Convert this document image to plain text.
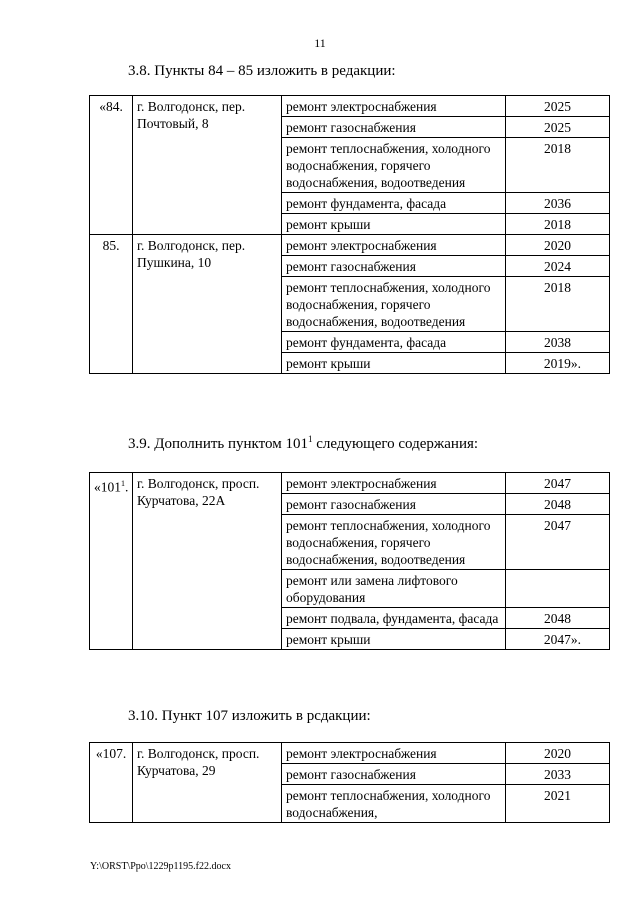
11
3.8. Пункты 84 – 85 изложить в редакции:
«84.	г. Волгодонск, пер. Почтовый, 8	ремонт электроснабжения	2025
		ремонт газоснабжения	2025
		ремонт теплоснабжения, холодного водоснабжения, горячего водоснабжения, водоотведения	2018
		ремонт фундамента, фасада	2036
		ремонт крыши	2018
85.	г. Волгодонск, пер. Пушкина, 10	ремонт электроснабжения	2020
		ремонт газоснабжения	2024
		ремонт теплоснабжения, холодного водоснабжения, горячего водоснабжения, водоотведения	2018
		ремонт фундамента, фасада	2038
		ремонт крыши	2019».
3.9. Дополнить пунктом $101^1$ следующего содержания:
«$101^1$.	г. Волгодонск, просп. Курчатова, 22А	ремонт электроснабжения	2047
		ремонт газоснабжения	2048
		ремонт теплоснабжения, холодного водоснабжения, горячего водоснабжения, водоотведения	2047
		ремонт или замена лифтового оборудования	
		ремонт подвала, фундамента, фасада	2048
		ремонт крыши	2047».
3.10. Пункт 107 изложить в рсдакции:
«107.	г. Волгодонск, просп. Курчатова, 29	ремонт электроснабжения	2020
		ремонт газоснабжения	2033
		ремонт теплоснабжения, холодного водоснабжения,	2021
Y:\ORST\Ppo\1229p1195.f22.docx
